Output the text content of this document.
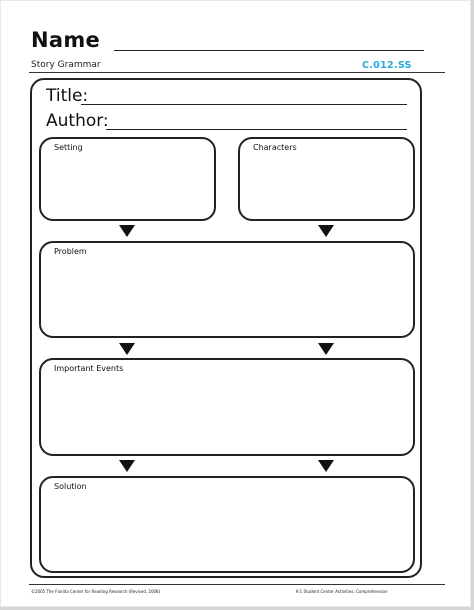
Name
Story Grammar	C.012.SS
Title:
Author:
Setting	Characters
Problem
Important Events
Solution
©2005 The Florida Center for Reading Research (Revised, 2008)	K-1 Student Center Activities: Comprehension
